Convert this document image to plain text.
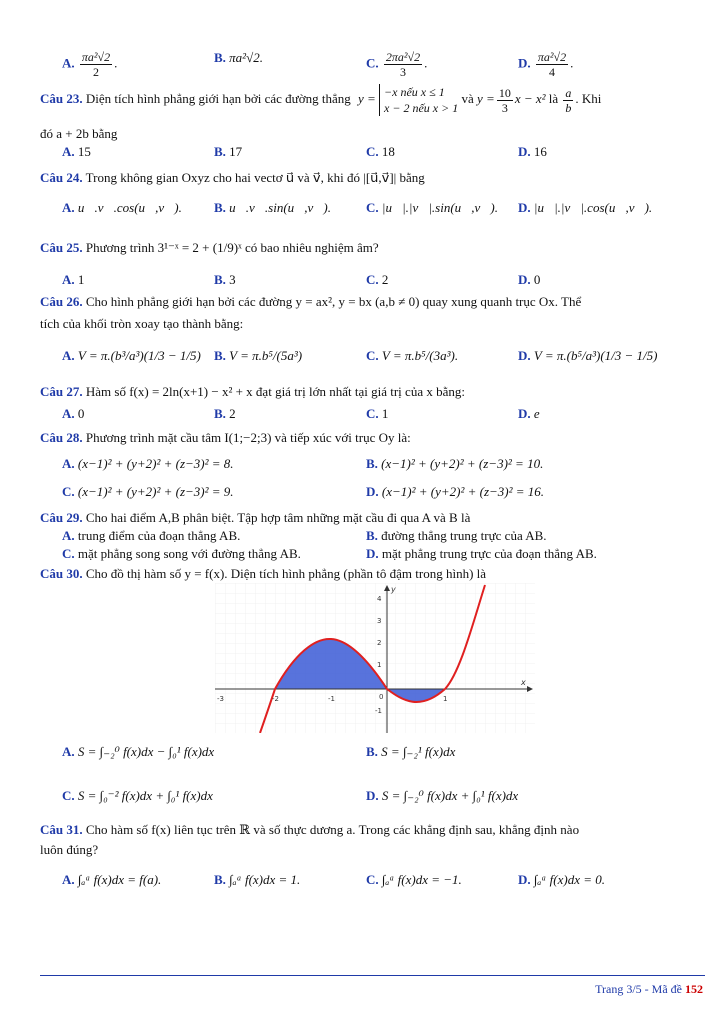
A. $\frac{\text{πa²√2}}{2}$ .	B. πa²√2.	C. $\frac{\text{2πa²√2}}{3}$ .	D. $\frac{\text{πa²√2}}{4}$ .
Câu 23. Diện tích hình phẳng giới hạn bởi các đường thẳng y = −x nếu x ≤ 1
x − 2 nếu x > 1
và $y = \frac{10}{3}$ x − x² là $\frac{a}{b}$ . Khi
đó a + 2b bằng
A. 15	B. 17	C. 18	D. 16
Câu 24. Trong không gian Oxyz cho hai vectơ u⃗ và v⃗, khi đó |[u⃗,v⃗]| bằng
A. u⃗.v⃗.cos(u⃗,v⃗). B. u⃗.v⃗.sin(u⃗,v⃗).	C. |u⃗|.|v⃗|.sin(u⃗,v⃗). D. |u⃗|.|v⃗|.cos(u⃗,v⃗).
Câu 25. Phương trình 3¹⁻ˣ = 2 + (1/9)ˣ có bao nhiêu nghiệm âm?
A. 1	B. 3	C. 2	D. 0
Câu 26. Cho hình phẳng giới hạn bởi các đường y = ax², y = bx (a,b ≠ 0) quay xung quanh trục Ox. Thể
tích của khối tròn xoay tạo thành bằng:
A. V = π.(b³/a³)(1/3 − 1/5) B. V = π.b⁵/(5a³)	C. V = π.b⁵/(3a³).	D. V = π.(b⁵/a³)(1/3 − 1/5)
Câu 27. Hàm số f(x) = 2ln(x+1) − x² + x đạt giá trị lớn nhất tại giá trị của x bằng:
A. 0	B. 2	C. 1	D. e
Câu 28. Phương trình mặt cầu tâm I(1;−2;3) và tiếp xúc với trục Oy là:
A. (x−1)² + (y+2)² + (z−3)² = 8.	B. (x−1)² + (y+2)² + (z−3)² = 10.
C. (x−1)² + (y+2)² + (z−3)² = 9.	D. (x−1)² + (y+2)² + (z−3)² = 16.
Câu 29. Cho hai điểm A,B phân biệt. Tập hợp tâm những mặt cầu đi qua A và B là
A. trung điểm của đoạn thẳng AB.	B. đường thẳng trung trực của AB.
C. mặt phẳng song song với đường thẳng AB.	D. mặt phẳng trung trực của đoạn thẳng AB.
Câu 30. Cho đồ thị hàm số y = f(x). Diện tích hình phẳng (phần tô đậm trong hình) là
-3	-2	-1	0	1
4
3
2
1
-1
x
y
A. S = ∫₋₂⁰ f(x)dx − ∫₀¹ f(x)dx	B. S = ∫₋₂¹ f(x)dx
C. S = ∫₀⁻² f(x)dx + ∫₀¹ f(x)dx	D. S = ∫₋₂⁰ f(x)dx + ∫₀¹ f(x)dx
Câu 31. Cho hàm số f(x) liên tục trên ℝ và số thực dương a. Trong các khẳng định sau, khẳng định nào
luôn đúng?
A. ∫ₐᵃ f(x)dx = f(a).	B. ∫ₐᵃ f(x)dx = 1.	C. ∫ₐᵃ f(x)dx = −1.	D. ∫ₐᵃ f(x)dx = 0.
Trang 3/5 - Mã đề 152
